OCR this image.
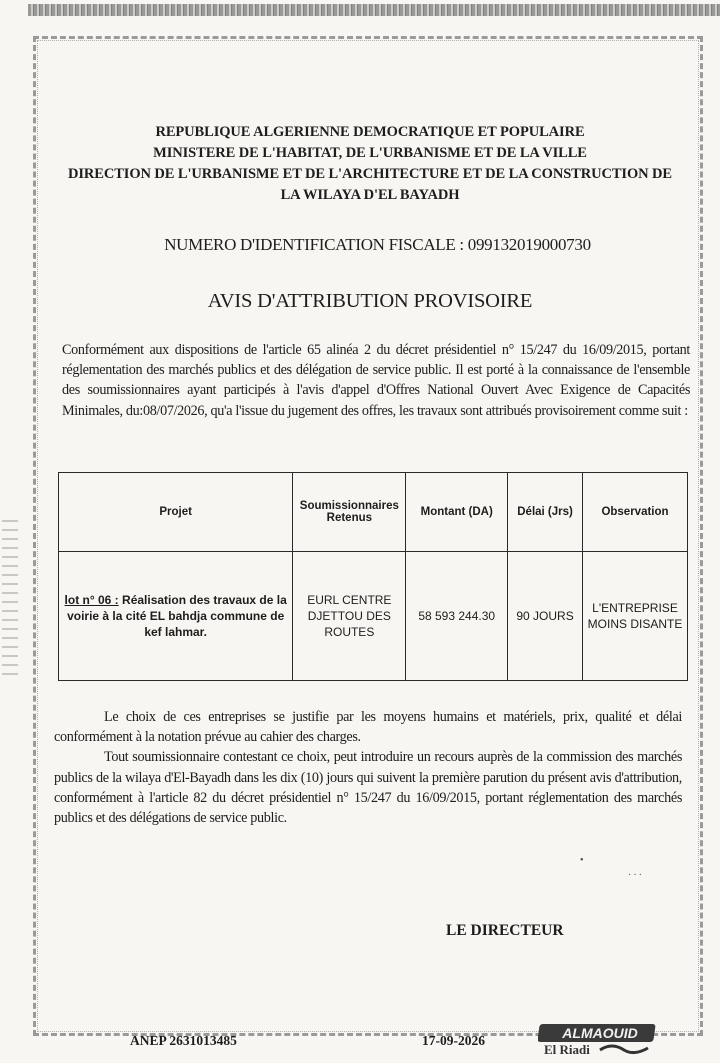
REPUBLIQUE ALGERIENNE DEMOCRATIQUE ET POPULAIRE
MINISTERE DE L'HABITAT, DE L'URBANISME ET DE LA VILLE
DIRECTION DE L'URBANISME ET DE L'ARCHITECTURE ET DE LA CONSTRUCTION DE
LA WILAYA D'EL BAYADH
NUMERO D'IDENTIFICATION FISCALE : 099132019000730
AVIS D'ATTRIBUTION PROVISOIRE
Conformément aux dispositions de l'article 65 alinéa 2 du décret présidentiel n° 15/247 du 16/09/2015, portant réglementation des marchés publics et des délégation de service public. Il est porté à la connaissance de l'ensemble des soumissionnaires ayant participés à l'avis d'appel d'Offres National Ouvert Avec Exigence de Capacités Minimales, du:08/07/2026, qu'a l'issue du jugement des offres, les travaux sont attribués provisoirement comme suit :
Projet	Soumissionnaires Retenus	Montant (DA)	Délai (Jrs)	Observation
lot n° 06 : Réalisation des travaux de la voirie à la cité EL bahdja commune de kef lahmar.	EURL CENTRE DJETTOU DES ROUTES	58 593 244.30	90 JOURS	L'ENTREPRISE MOINS DISANTE

Le choix de ces entreprises se justifie par les moyens humains et matériels, prix, qualité et délai conformément à la notation prévue au cahier des charges.

Tout soumissionnaire contestant ce choix, peut introduire un recours auprès de la commission des marchés publics de la wilaya d'El-Bayadh dans les dix (10) jours qui suivent la première parution du présent avis d'attribution, conformément à l'article 82 du décret présidentiel n° 15/247 du 16/09/2015, portant réglementation des marchés publics et des délégations de service public.

•
···
LE DIRECTEUR
ANEP 2631013485	17-09-2026	ALMAOUID
El Riadi
